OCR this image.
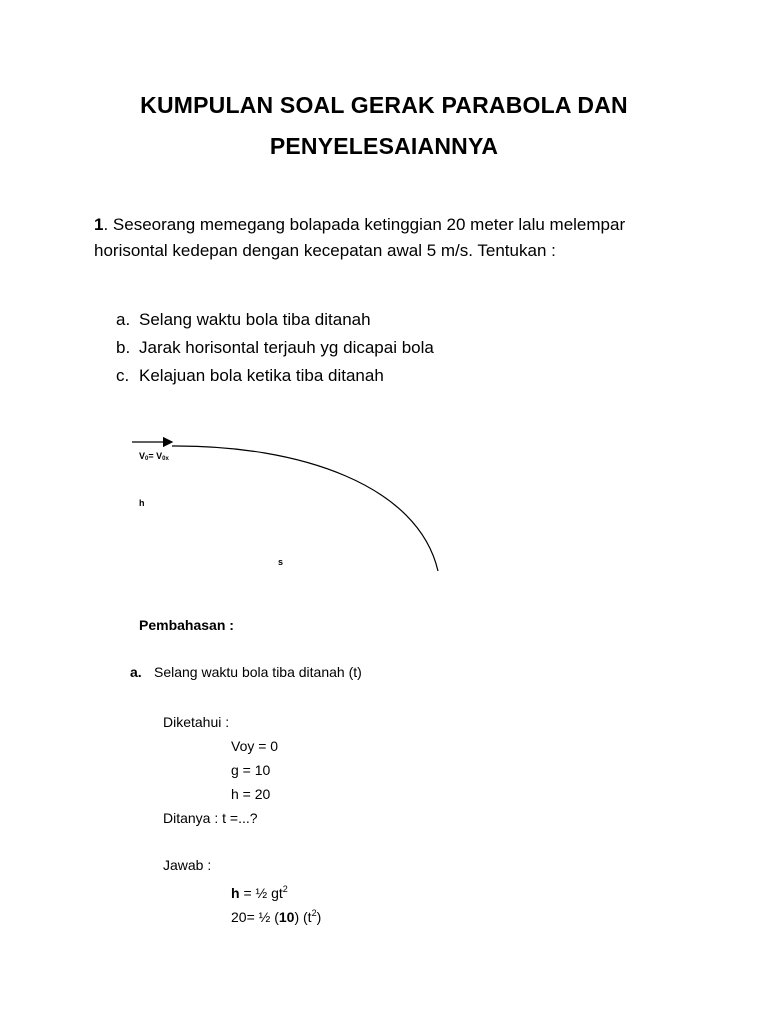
KUMPULAN SOAL GERAK PARABOLA DAN
PENYELESAIANNYA
1. Seseorang memegang bolapada ketinggian 20 meter lalu melempar horisontal kedepan dengan kecepatan awal 5 m/s. Tentukan :
a. Selang waktu bola tiba ditanah
b. Jarak horisontal terjauh yg dicapai bola
c. Kelajuan bola ketika tiba ditanah
V0= V0x
h
s
Pembahasan :
a. Selang waktu bola tiba ditanah (t)
Diketahui :
Voy = 0
g = 10
h = 20
Ditanya : t =...?
Jawab :
h = ½ $gt^2$
20= ½ (10) $(t^2)$
